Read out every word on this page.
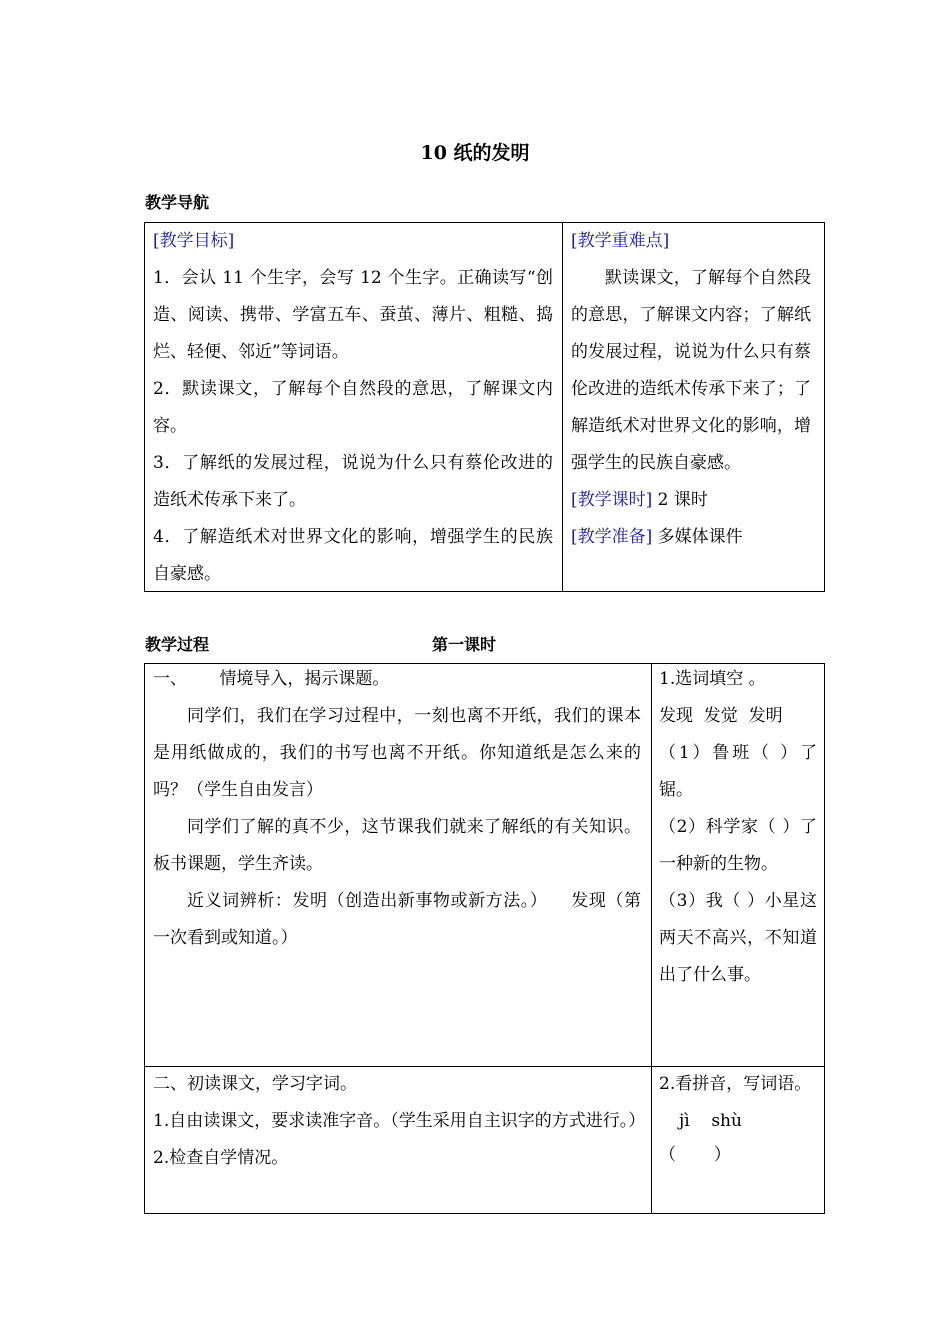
10 纸的发明
教学导航

[教学目标]

1．会认 11 个生字，会写 12 个生字。正确读写“创造、阅读、携带、学富五车、蚕茧、薄片、粗糙、捣烂、轻便、邻近”等词语。

2．默读课文，了解每个自然段的意思，了解课文内容。

3．了解纸的发展过程，说说为什么只有蔡伦改进的造纸术传承下来了。

4．了解造纸术对世界文化的影响，增强学生的民族自豪感。

[教学重难点]

默读课文，了解每个自然段的意思，了解课文内容；了解纸的发展过程，说说为什么只有蔡伦改进的造纸术传承下来了；了解造纸术对世界文化的影响，增强学生的民族自豪感。

[教学课时] 2 课时

[教学准备] 多媒体课件

教学过程	第一课时

一、      情境导入，揭示课题。

同学们，我们在学习过程中，一刻也离不开纸，我们的课本是用纸做成的，我们的书写也离不开纸。你知道纸是怎么来的吗？（学生自由发言）

同学们了解的真不少，这节课我们就来了解纸的有关知识。板书课题，学生齐读。

近义词辨析：发明（创造出新事物或新方法。）    发现（第一次看到或知道。）

1.选词填空 。

发现  发觉  发明

（1）鲁班（ ）了锯。

（2）科学家（ ）了一种新的生物。

（3）我（ ）小星这两天不高兴，不知道出了什么事。

二、初读课文，学习字词。

1.自由读课文，要求读准字音。（学生采用自主识字的方式进行。）

2.检查自学情况。

2.看拼音，写词语。

jì    shù

（       ）
